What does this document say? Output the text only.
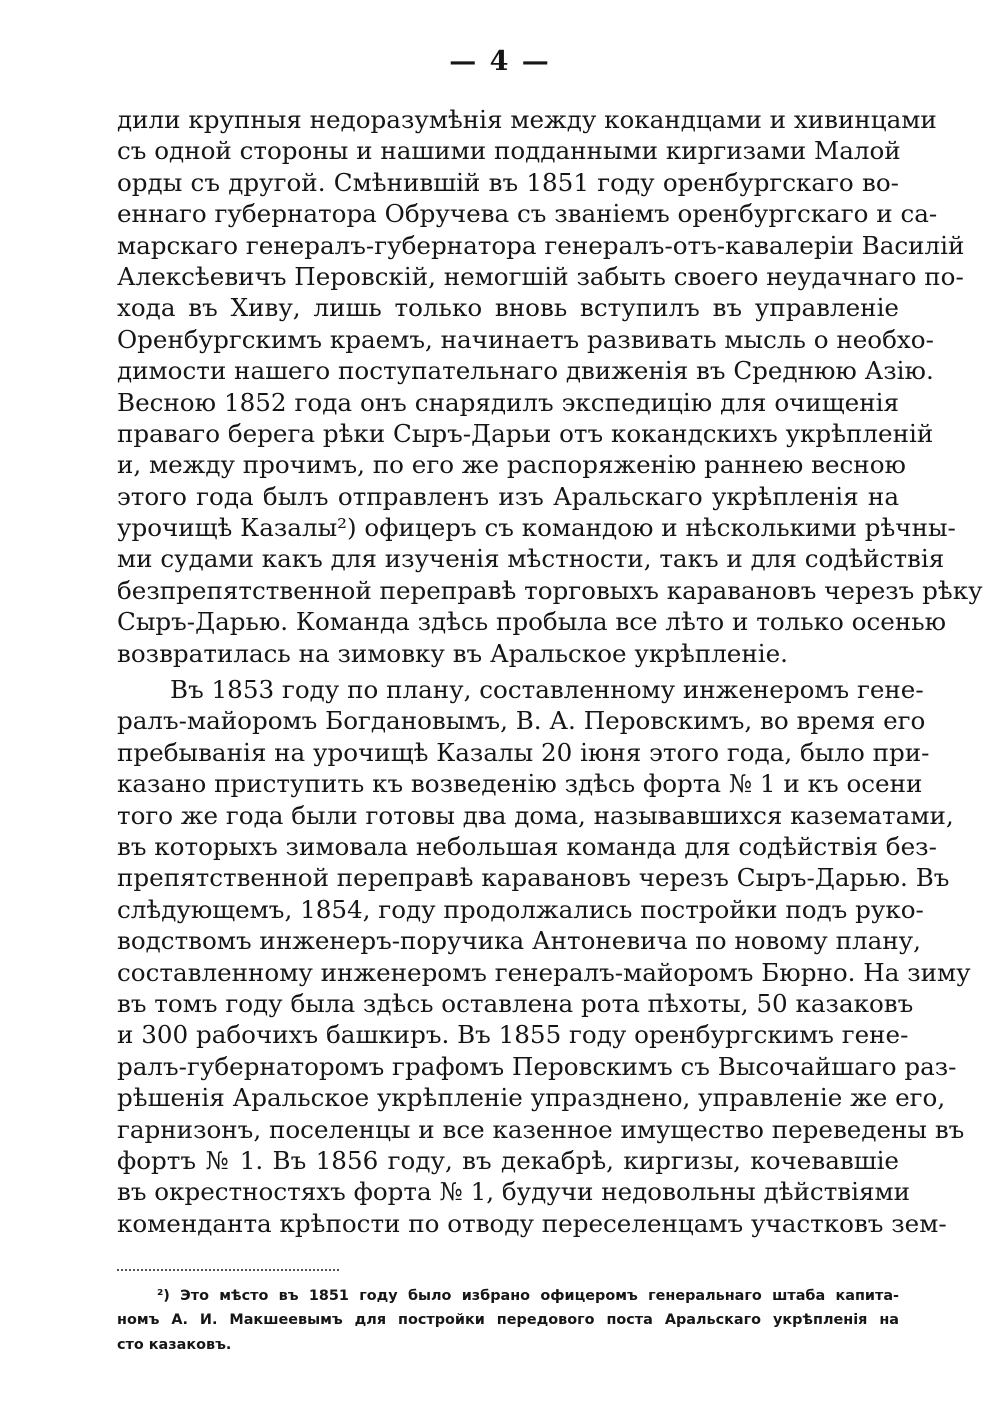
— 4 —
дили крупныя недоразумѣнія между кокандцами и хивинцами
съ одной стороны и нашими подданными киргизами Малой
орды съ другой. Смѣнившій въ 1851 году оренбургскаго во-
еннаго губернатора Обручева съ званіемъ оренбургскаго и са-
марскаго генералъ-губернатора генералъ-отъ-кавалеріи Василій
Алексѣевичъ Перовскій, немогшій забыть своего неудачнаго по-
хода въ Хиву, лишь только вновь вступилъ въ управленіе
Оренбургскимъ краемъ, начинаетъ развивать мысль о необхо-
димости нашего поступательнаго движенія въ Среднюю Азію.
Весною 1852 года онъ снарядилъ экспедицію для очищенія
праваго берега рѣки Сыръ-Дарьи отъ кокандскихъ укрѣпленій
и, между прочимъ, по его же распоряженію раннею весною
этого года былъ отправленъ изъ Аральскаго укрѣпленія на
урочищѣ Казалы²) офицеръ съ командою и нѣсколькими рѣчны-
ми судами какъ для изученія мѣстности, такъ и для содѣйствія
безпрепятственной переправѣ торговыхъ каравановъ черезъ рѣку
Сыръ-Дарью. Команда здѣсь пробыла все лѣто и только осенью
возвратилась на зимовку въ Аральское укрѣпленіе.
Въ 1853 году по плану, составленному инженеромъ гене-
ралъ-майоромъ Богдановымъ, В. А. Перовскимъ, во время его
пребыванія на урочищѣ Казалы 20 іюня этого года, было при-
казано приступить къ возведенію здѣсь форта № 1 и къ осени
того же года были готовы два дома, называвшихся казематами,
въ которыхъ зимовала небольшая команда для содѣйствія без-
препятственной переправѣ каравановъ черезъ Сыръ-Дарью. Въ
слѣдующемъ, 1854, году продолжались постройки подъ руко-
водствомъ инженеръ-поручика Антоневича по новому плану,
составленному инженеромъ генералъ-майоромъ Бюрно. На зиму
въ томъ году была здѣсь оставлена рота пѣхоты, 50 казаковъ
и 300 рабочихъ башкиръ. Въ 1855 году оренбургскимъ гене-
ралъ-губернаторомъ графомъ Перовскимъ съ Высочайшаго раз-
рѣшенія Аральское укрѣпленіе упразднено, управленіе же его,
гарнизонъ, поселенцы и все казенное имущество переведены въ
фортъ № 1. Въ 1856 году, въ декабрѣ, киргизы, кочевавшіе
въ окрестностяхъ форта № 1, будучи недовольны дѣйствіями
коменданта крѣпости по отводу переселенцамъ участковъ зем-
²) Это мѣсто въ 1851 году было избрано офицеромъ генеральнаго штаба капита-
номъ А. И. Макшеевымъ для постройки передового поста Аральскаго укрѣпленія на
сто казаковъ.
